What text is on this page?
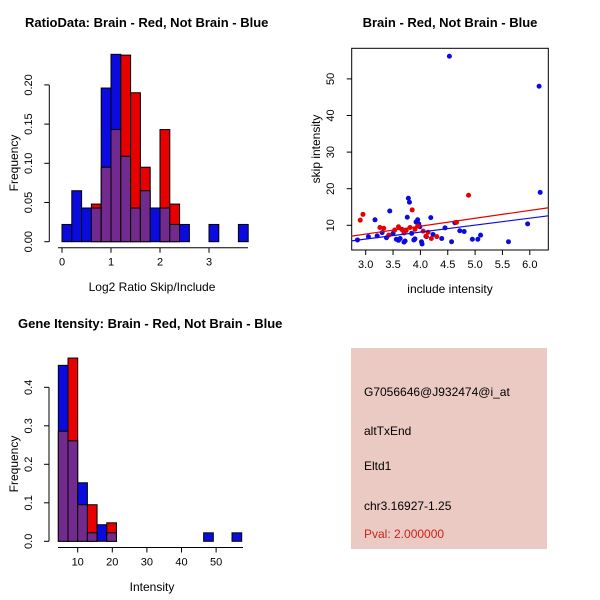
0.00
0.05
0.10
0.15
0.20
0	1	2	3
0.0
0.1
0.2
0.3
0.4
10 20 30 40 50
3.0 3.5 4.0 4.5 5.0 5.5 6.0
10
20
30
40
50
RatioData: Brain - Red, Not Brain - Blue
Log2 Ratio Skip/Include
Frequency
Brain - Red, Not Brain - Blue
include intensity
skip intensity
Gene Itensity: Brain - Red, Not Brain - Blue
Intensity
Frequency
G7056646@J932474@i_at
altTxEnd
Eltd1
chr3.16927-1.25
Pval: 2.000000
